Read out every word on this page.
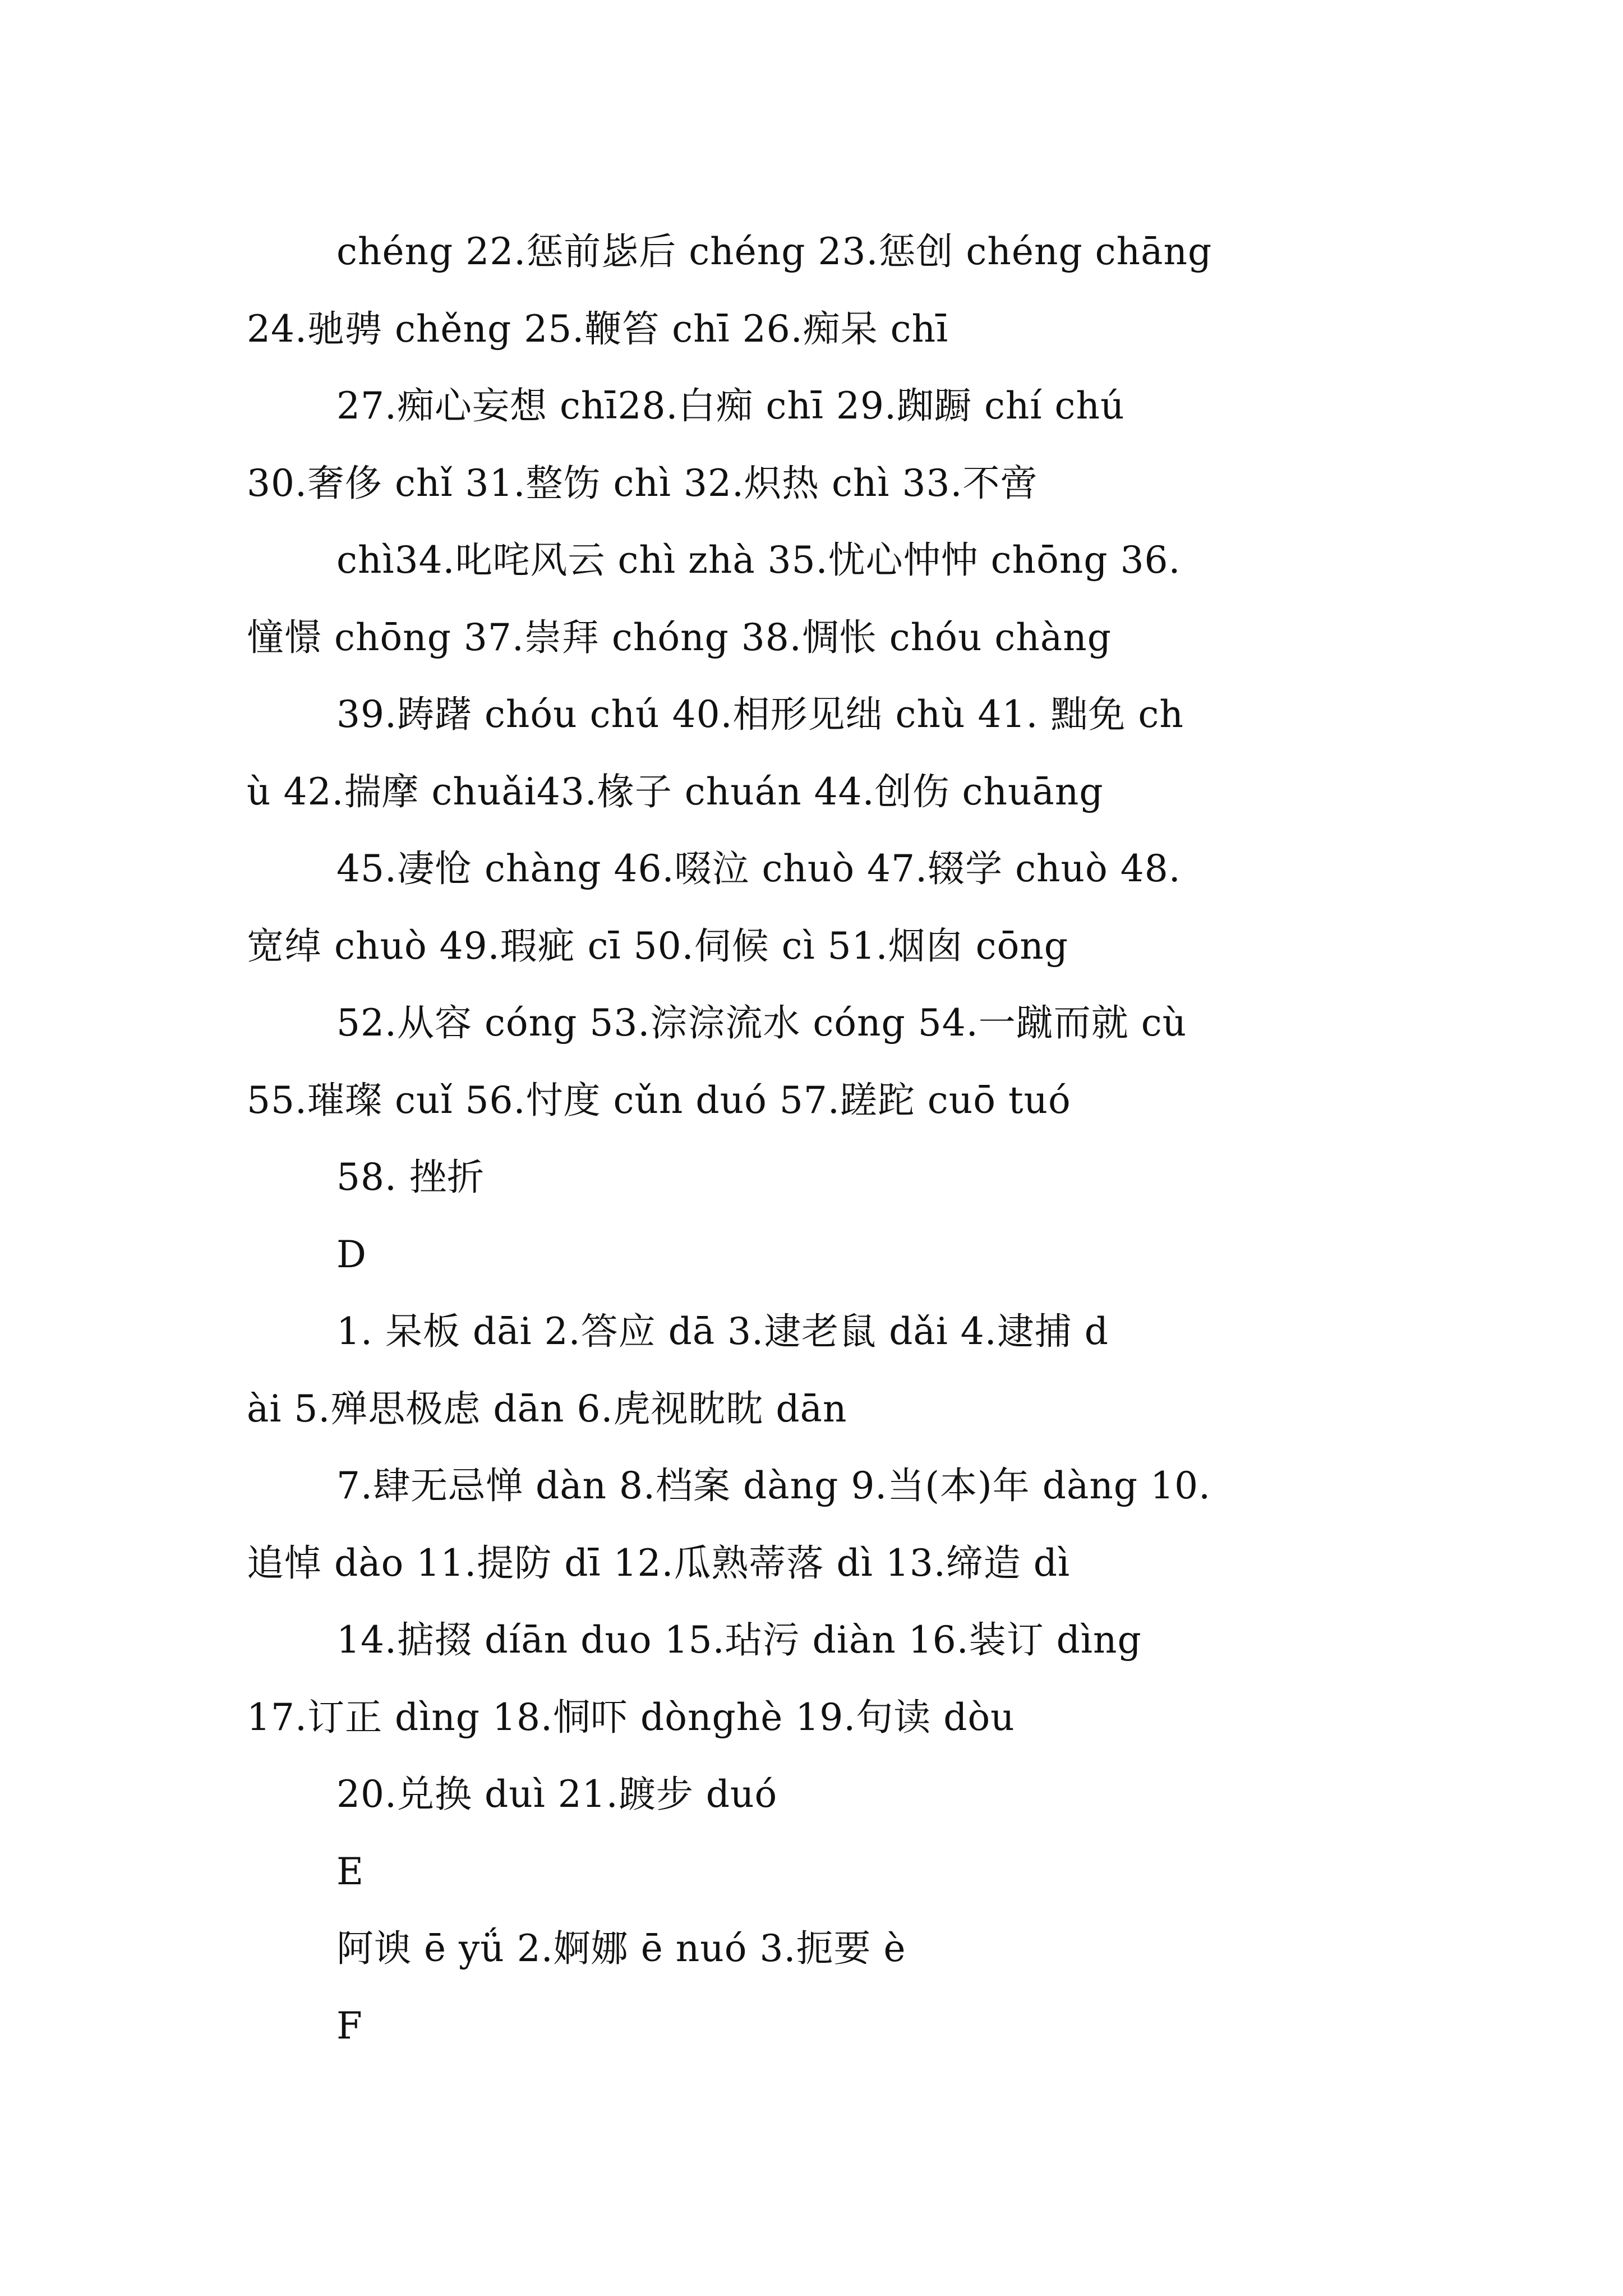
chéng 22.惩前毖后 chéng 23.惩创 chéng chāng
24.驰骋 chěng 25.鞭笞 chī 26.痴呆 chī
27.痴心妄想 chī28.白痴 chī 29.踟蹰 chí chú
30.奢侈 chǐ 31.整饬 chì 32.炽热 chì 33.不啻
chì34.叱咤风云 chì zhà 35.忧心忡忡 chōng 36.
憧憬 chōng 37.崇拜 chóng 38.惆怅 chóu chàng
39.踌躇 chóu chú 40.相形见绌 chù 41. 黜免 ch
ù 42.揣摩 chuǎi43.椽子 chuán 44.创伤 chuāng
45.凄怆 chàng 46.啜泣 chuò 47.辍学 chuò 48.
宽绰 chuò 49.瑕疵 cī 50.伺候 cì 51.烟囱 cōng
52.从容 cóng 53.淙淙流水 cóng 54.一蹴而就 cù
55.璀璨 cuǐ 56.忖度 cǔn duó 57.蹉跎 cuō tuó
58. 挫折
D
1. 呆板 dāi 2.答应 dā 3.逮老鼠 dǎi 4.逮捕 d
ài 5.殚思极虑 dān 6.虎视眈眈 dān
7.肆无忌惮 dàn 8.档案 dàng 9.当(本)年 dàng 10.
追悼 dào 11.提防 dī 12.瓜熟蒂落 dì 13.缔造 dì
14.掂掇 díān duo 15.玷污 diàn 16.装订 dìng
17.订正 dìng 18.恫吓 dònghè 19.句读 dòu
20.兑换 duì 21.踱步 duó
E
阿谀 ē yǘ 2.婀娜 ē nuó 3.扼要 è
F
